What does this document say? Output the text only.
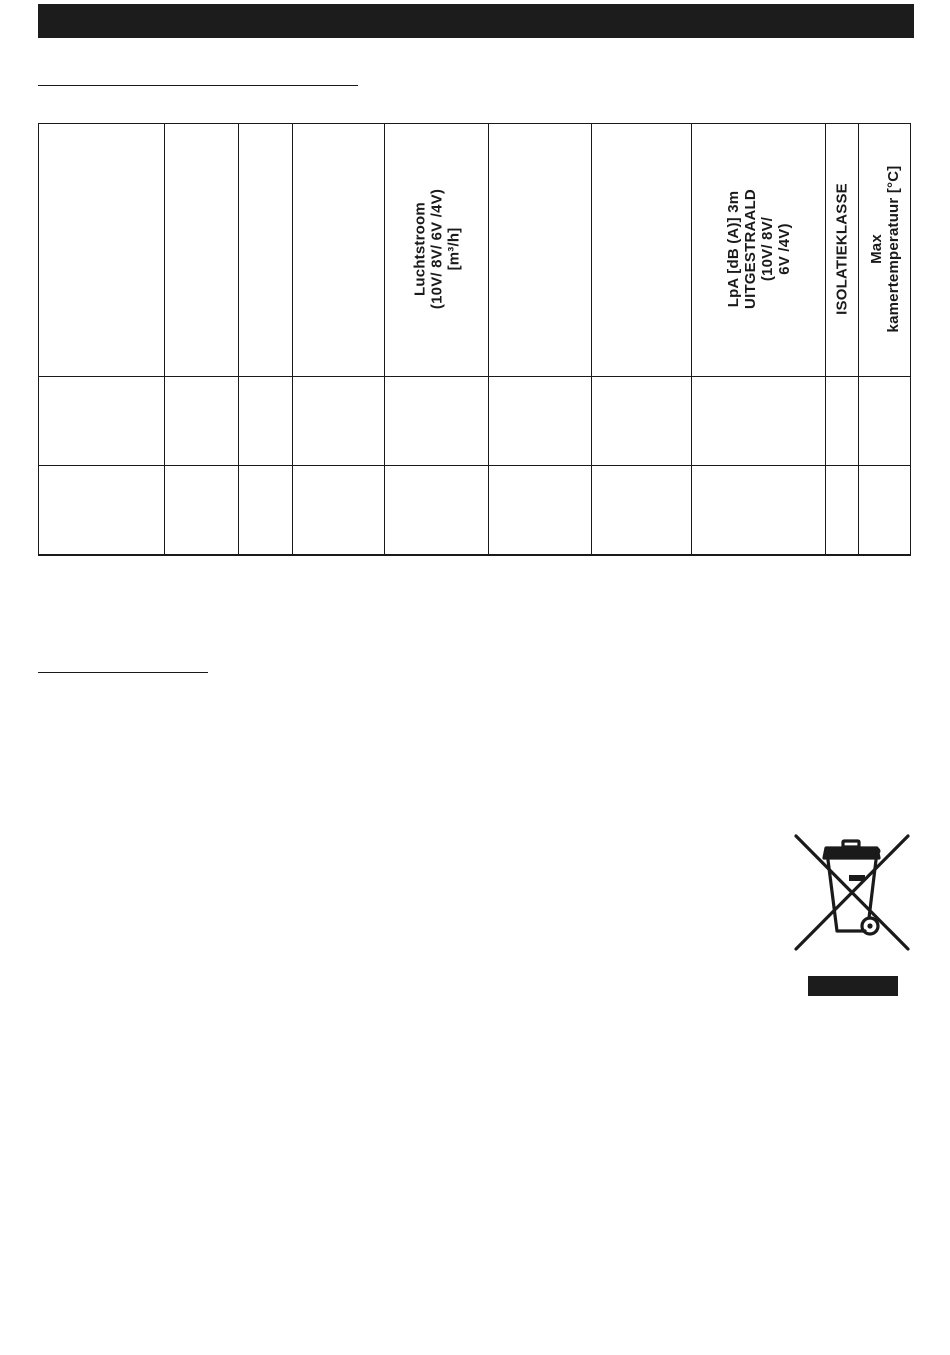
				Luchtstroom
(10V/ 8V/ 6V /4V)
[m³/h]			LpA [dB (A)] 3m
UITGESTRAALD
(10V/ 8V/
6V /4V)	ISOLATIEKLASSE	Max
kamertemperatuur [°C]
